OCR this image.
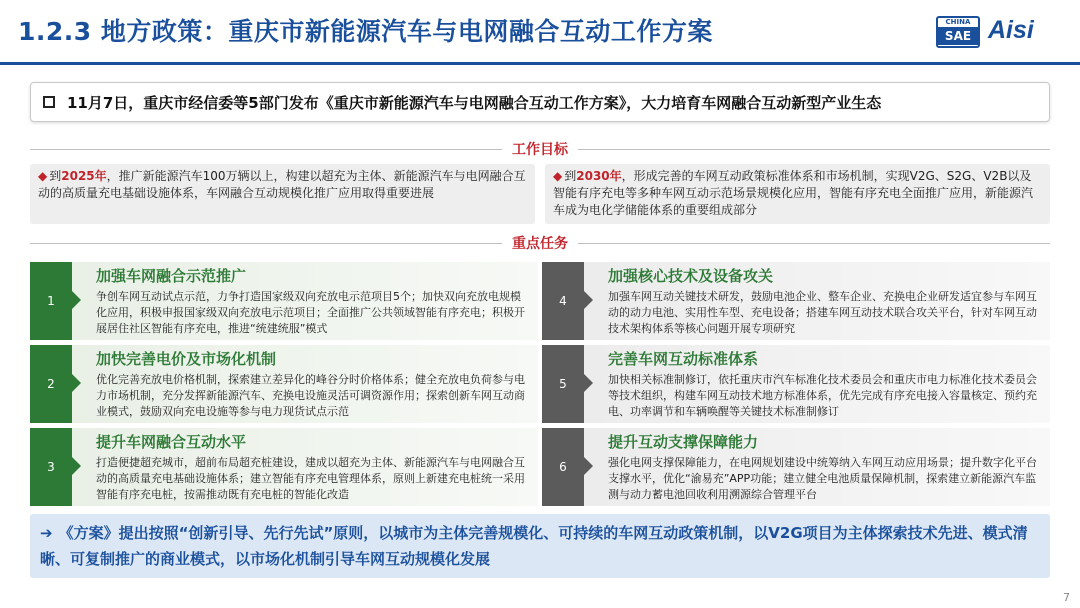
1.2.3 地方政策：重庆市新能源汽车与电网融合互动工作方案	CHINA
SAE Aisi
11月7日，重庆市经信委等5部门发布《重庆市新能源汽车与电网融合互动工作方案》，大力培育车网融合互动新型产业生态
工作目标
◆ 到2025年，推广新能源汽车100万辆以上，构建以超充为主体、新能源汽车与电网融合互动的高质量充电基础设施体系，车网融合互动规模化推广应用取得重要进展
◆ 到2030年，形成完善的车网互动政策标准体系和市场机制，实现V2G、S2G、V2B以及智能有序充电等多种车网互动示范场景规模化应用，智能有序充电全面推广应用，新能源汽车成为电化学储能体系的重要组成部分
重点任务
1
加强车网融合示范推广
争创车网互动试点示范，力争打造国家级双向充放电示范项目5个；加快双向充放电规模化应用，积极申报国家级双向充放电示范项目；全面推广公共领域智能有序充电；积极开展居住社区智能有序充电，推进“统建统服”模式
2
加快完善电价及市场化机制
优化完善充放电价格机制，探索建立差异化的峰谷分时价格体系；健全充放电负荷参与电力市场机制，充分发挥新能源汽车、充换电设施灵活可调资源作用；探索创新车网互动商业模式，鼓励双向充电设施等参与电力现货试点示范
3
提升车网融合互动水平
打造便捷超充城市，超前布局超充桩建设，建成以超充为主体、新能源汽车与电网融合互动的高质量充电基础设施体系；建立智能有序充电管理体系，原则上新建充电桩统一采用智能有序充电桩，按需推动既有充电桩的智能化改造
4
加强核心技术及设备攻关
加强车网互动关键技术研发，鼓励电池企业、整车企业、充换电企业研发适宜参与车网互动的动力电池、实用性车型、充电设备；搭建车网互动技术联合攻关平台，针对车网互动技术架构体系等核心问题开展专项研究
5
完善车网互动标准体系
加快相关标准制修订，依托重庆市汽车标准化技术委员会和重庆市电力标准化技术委员会等技术组织，构建车网互动技术地方标准体系，优先完成有序充电接入容量核定、预约充电、功率调节和车辆唤醒等关键技术标准制修订
6
提升互动支撑保障能力
强化电网支撑保障能力，在电网规划建设中统筹纳入车网互动应用场景；提升数字化平台支撑水平，优化“渝易充”APP功能；建立健全电池质量保障机制，探索建立新能源汽车监测与动力蓄电池回收利用溯源综合管理平台
➔ 《方案》提出按照“创新引导、先行先试”原则，以城市为主体完善规模化、可持续的车网互动政策机制，以V2G项目为主体探索技术先进、模式清晰、可复制推广的商业模式，以市场化机制引导车网互动规模化发展
7
